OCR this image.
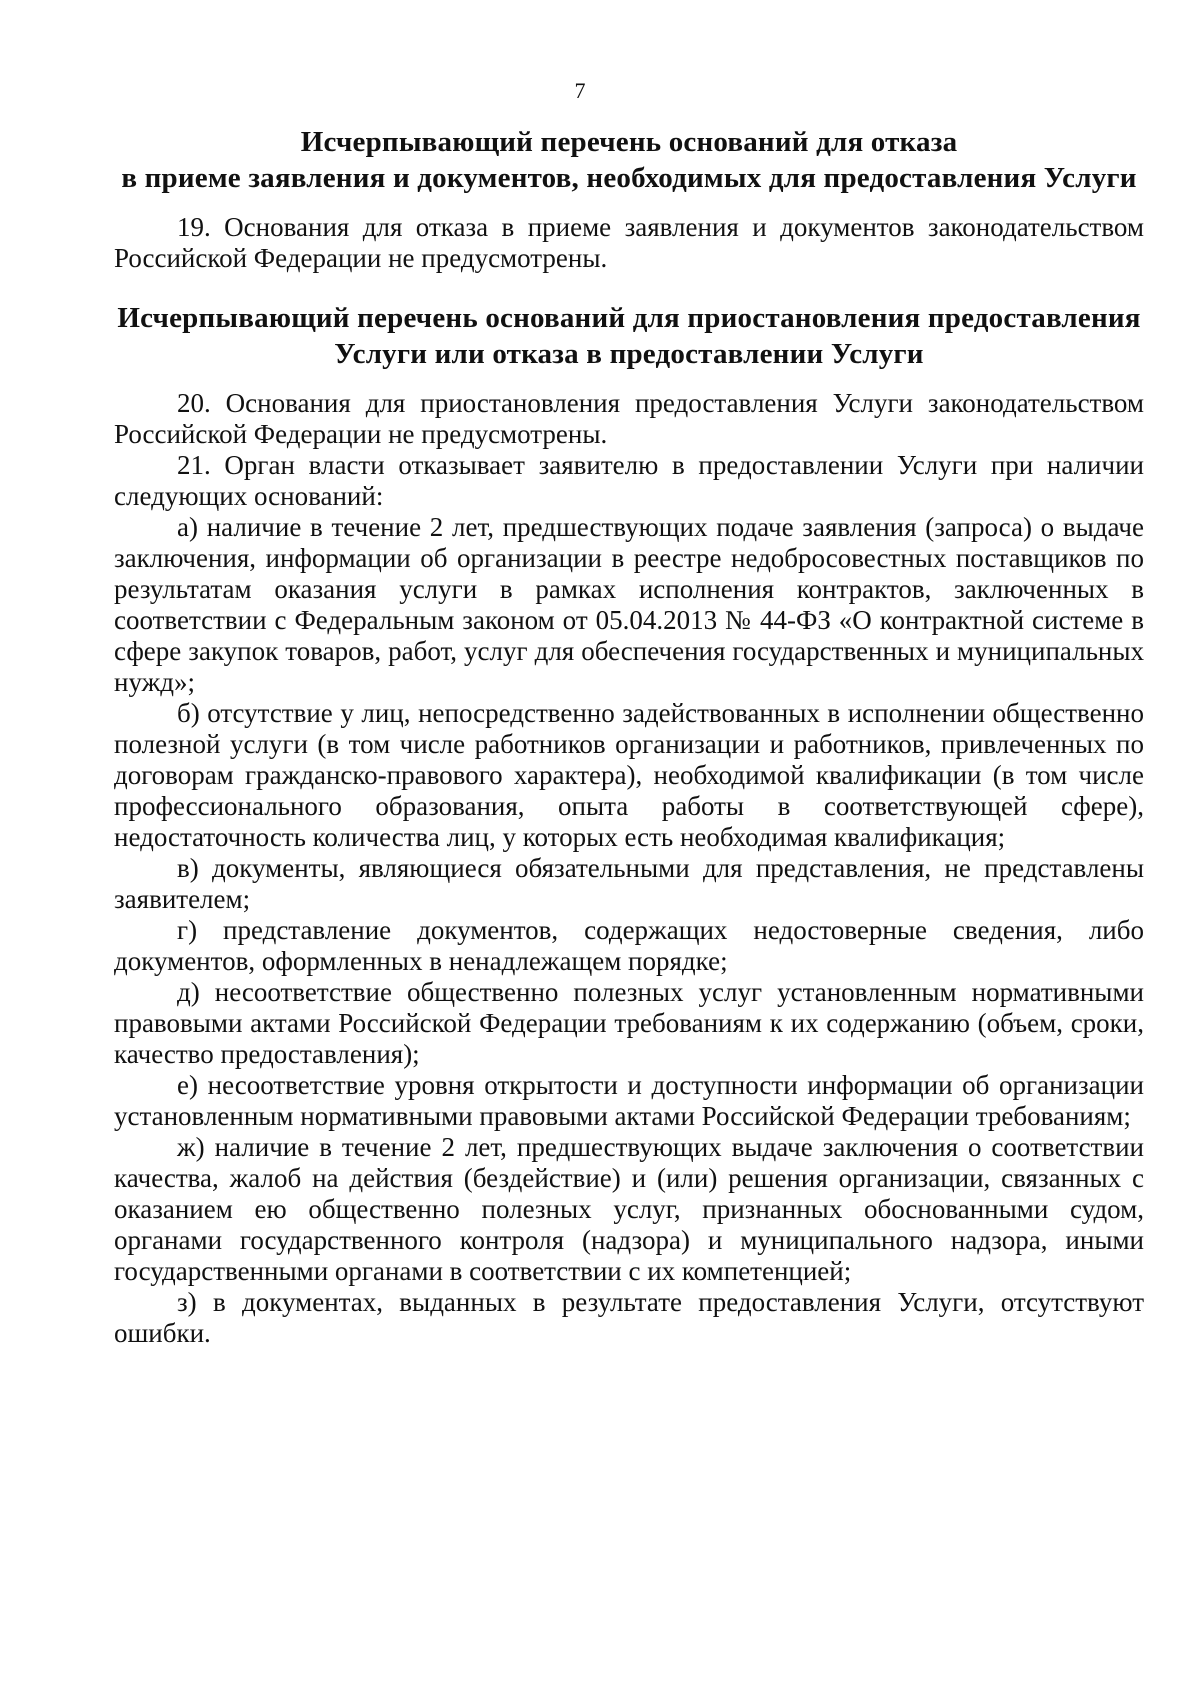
7
Исчерпывающий перечень оснований для отказа
в приеме заявления и документов, необходимых для предоставления Услуги

19. Основания для отказа в приеме заявления и документов законодательством Российской Федерации не предусмотрены.

Исчерпывающий перечень оснований для приостановления предоставления
Услуги или отказа в предоставлении Услуги

20. Основания для приостановления предоставления Услуги законодательством Российской Федерации не предусмотрены.

21. Орган власти отказывает заявителю в предоставлении Услуги при наличии следующих оснований:

а) наличие в течение 2 лет, предшествующих подаче заявления (запроса) о выдаче заключения, информации об организации в реестре недобросовестных поставщиков по результатам оказания услуги в рамках исполнения контрактов, заключенных в соответствии с Федеральным законом от 05.04.2013 № 44-ФЗ «О контрактной системе в сфере закупок товаров, работ, услуг для обеспечения государственных и муниципальных нужд»;

б) отсутствие у лиц, непосредственно задействованных в исполнении общественно полезной услуги (в том числе работников организации и работников, привлеченных по договорам гражданско-правового характера), необходимой квалификации (в том числе профессионального образования, опыта работы в соответствующей сфере), недостаточность количества лиц, у которых есть необходимая квалификация;

в) документы, являющиеся обязательными для представления, не представлены заявителем;

г) представление документов, содержащих недостоверные сведения, либо документов, оформленных в ненадлежащем порядке;

д) несоответствие общественно полезных услуг установленным нормативными правовыми актами Российской Федерации требованиям к их содержанию (объем, сроки, качество предоставления);

е) несоответствие уровня открытости и доступности информации об организации установленным нормативными правовыми актами Российской Федерации требованиям;

ж) наличие в течение 2 лет, предшествующих выдаче заключения о соответствии качества, жалоб на действия (бездействие) и (или) решения организации, связанных с оказанием ею общественно полезных услуг, признанных обоснованными судом, органами государственного контроля (надзора) и муниципального надзора, иными государственными органами в соответствии с их компетенцией;

з) в документах, выданных в результате предоставления Услуги, отсутствуют ошибки.
